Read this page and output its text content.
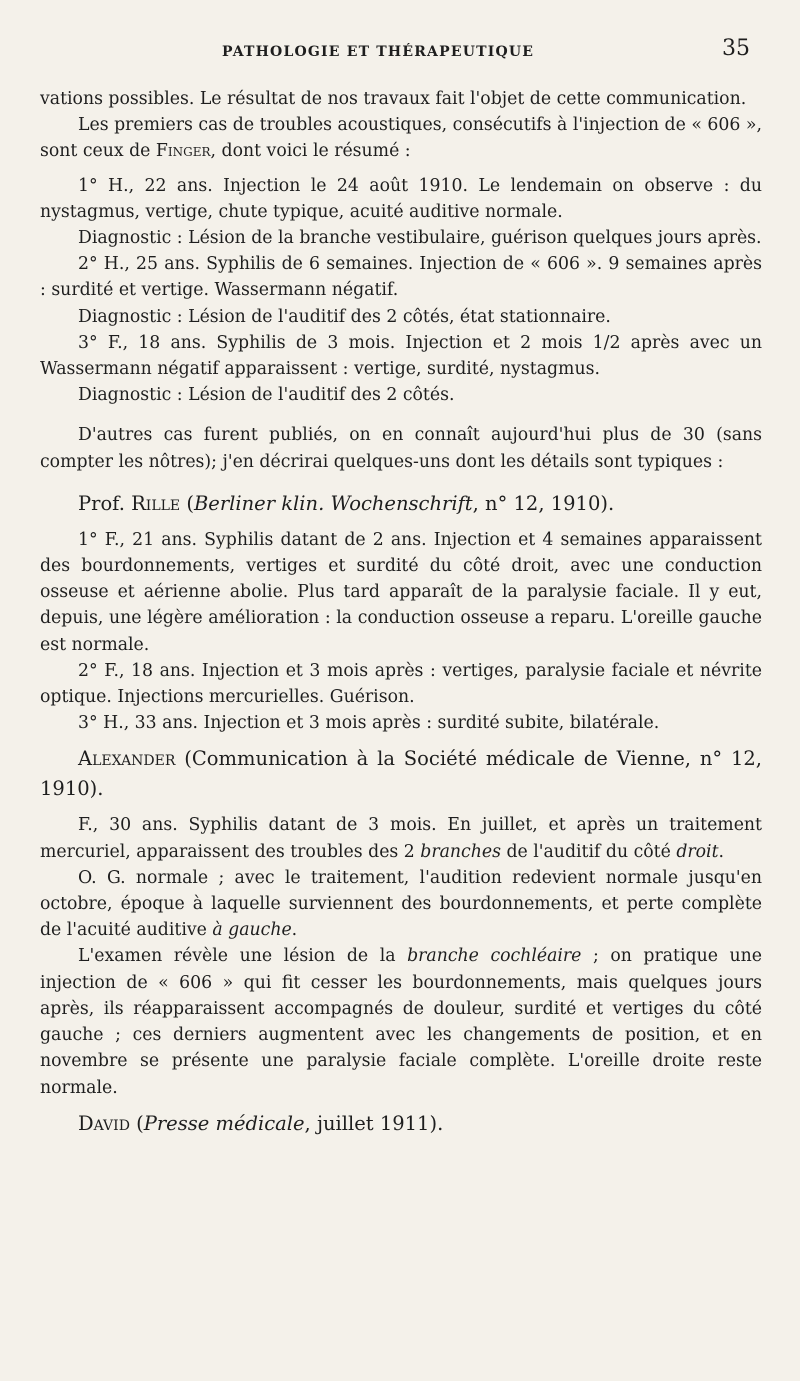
PATHOLOGIE ET THÉRAPEUTIQUE	35

vations possibles. Le résultat de nos travaux fait l'objet de cette communication.

Les premiers cas de troubles acoustiques, consécutifs à l'injection de « 606 », sont ceux de Finger, dont voici le résumé :

1° H., 22 ans. Injection le 24 août 1910. Le lendemain on observe : du nystagmus, vertige, chute typique, acuité auditive normale.

Diagnostic : Lésion de la branche vestibulaire, guérison quelques jours après.

2° H., 25 ans. Syphilis de 6 semaines. Injection de « 606 ». 9 semaines après : surdité et vertige. Wassermann négatif.

Diagnostic : Lésion de l'auditif des 2 côtés, état stationnaire.

3° F., 18 ans. Syphilis de 3 mois. Injection et 2 mois 1/2 après avec un Wassermann négatif apparaissent : vertige, surdité, nystagmus.

Diagnostic : Lésion de l'auditif des 2 côtés.

D'autres cas furent publiés, on en connaît aujourd'hui plus de 30 (sans compter les nôtres); j'en décrirai quelques-uns dont les détails sont typiques :

Prof. Rille (Berliner klin. Wochenschrift, n° 12, 1910).

1° F., 21 ans. Syphilis datant de 2 ans. Injection et 4 semaines apparaissent des bourdonnements, vertiges et surdité du côté droit, avec une conduction osseuse et aérienne abolie. Plus tard apparaît de la paralysie faciale. Il y eut, depuis, une légère amélioration : la conduction osseuse a reparu. L'oreille gauche est normale.

2° F., 18 ans. Injection et 3 mois après : vertiges, paralysie faciale et névrite optique. Injections mercurielles. Guérison.

3° H., 33 ans. Injection et 3 mois après : surdité subite, bilatérale.

Alexander (Communication à la Société médicale de Vienne, n° 12, 1910).

F., 30 ans. Syphilis datant de 3 mois. En juillet, et après un traitement mercuriel, apparaissent des troubles des 2 branches de l'auditif du côté droit.

O. G. normale ; avec le traitement, l'audition redevient normale jusqu'en octobre, époque à laquelle surviennent des bourdonnements, et perte complète de l'acuité auditive à gauche.

L'examen révèle une lésion de la branche cochléaire ; on pratique une injection de « 606 » qui fit cesser les bourdonnements, mais quelques jours après, ils réapparaissent accompagnés de douleur, surdité et vertiges du côté gauche ; ces derniers augmentent avec les changements de position, et en novembre se présente une paralysie faciale complète. L'oreille droite reste normale.

David (Presse médicale, juillet 1911).
